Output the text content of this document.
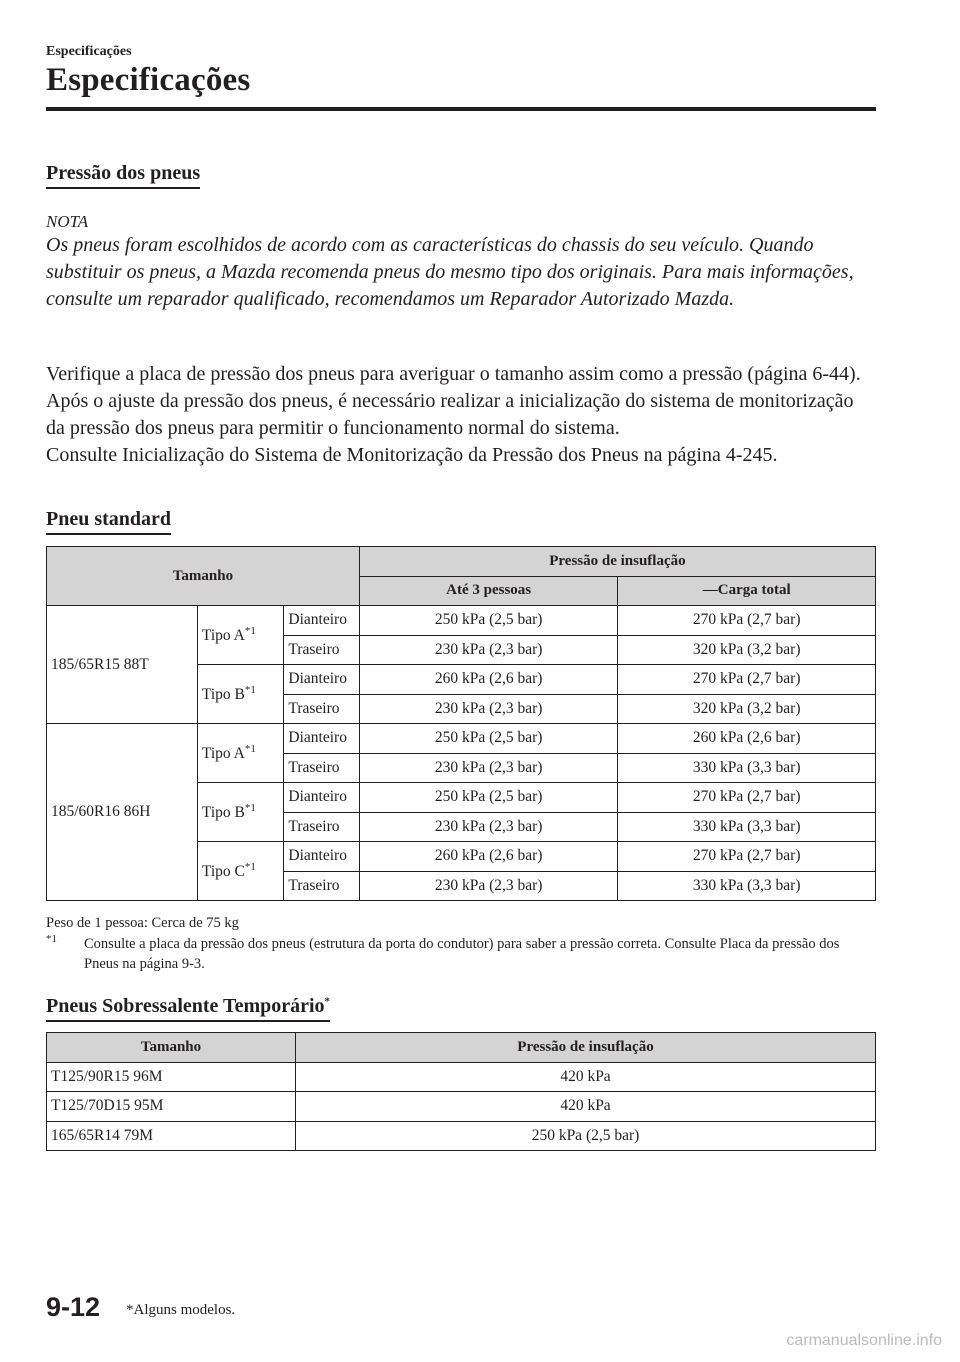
Especificações
Especificações
Pressão dos pneus
NOTA

Os pneus foram escolhidos de acordo com as características do chassis do seu veículo. Quando substituir os pneus, a Mazda recomenda pneus do mesmo tipo dos originais. Para mais informações, consulte um reparador qualificado, recomendamos um Reparador Autorizado Mazda.

Verifique a placa de pressão dos pneus para averiguar o tamanho assim como a pressão (página 6-44).

Após o ajuste da pressão dos pneus, é necessário realizar a inicialização do sistema de monitorização da pressão dos pneus para permitir o funcionamento normal do sistema.

Consulte Inicialização do Sistema de Monitorização da Pressão dos Pneus na página 4-245.

Pneu standard
Tamanho			Pressão de insuflação	
			Até 3 pessoas	—Carga total
185/65R15 88T	Tipo $A^{*1}$	Dianteiro	250 kPa (2,5 bar)	270 kPa (2,7 bar)
		Traseiro	230 kPa (2,3 bar)	320 kPa (3,2 bar)
	Tipo $B^{*1}$	Dianteiro	260 kPa (2,6 bar)	270 kPa (2,7 bar)
		Traseiro	230 kPa (2,3 bar)	320 kPa (3,2 bar)
185/60R16 86H	Tipo $A^{*1}$	Dianteiro	250 kPa (2,5 bar)	260 kPa (2,6 bar)
		Traseiro	230 kPa (2,3 bar)	330 kPa (3,3 bar)
	Tipo $B^{*1}$	Dianteiro	250 kPa (2,5 bar)	270 kPa (2,7 bar)
		Traseiro	230 kPa (2,3 bar)	330 kPa (3,3 bar)
	Tipo $C^{*1}$	Dianteiro	260 kPa (2,6 bar)	270 kPa (2,7 bar)
		Traseiro	230 kPa (2,3 bar)	330 kPa (3,3 bar)
Peso de 1 pessoa: Cerca de 75 kg
*1	Consulte a placa da pressão dos pneus (estrutura da porta do condutor) para saber a pressão correta. Consulte Placa da pressão dos Pneus na página 9-3.
Pneus Sobressalente Temporário*
Tamanho	Pressão de insuflação
T125/90R15 96M	420 kPa
T125/70D15 95M	420 kPa
165/65R14 79M	250 kPa (2,5 bar)
9-12 *Alguns modelos.
carmanualsonline.info
